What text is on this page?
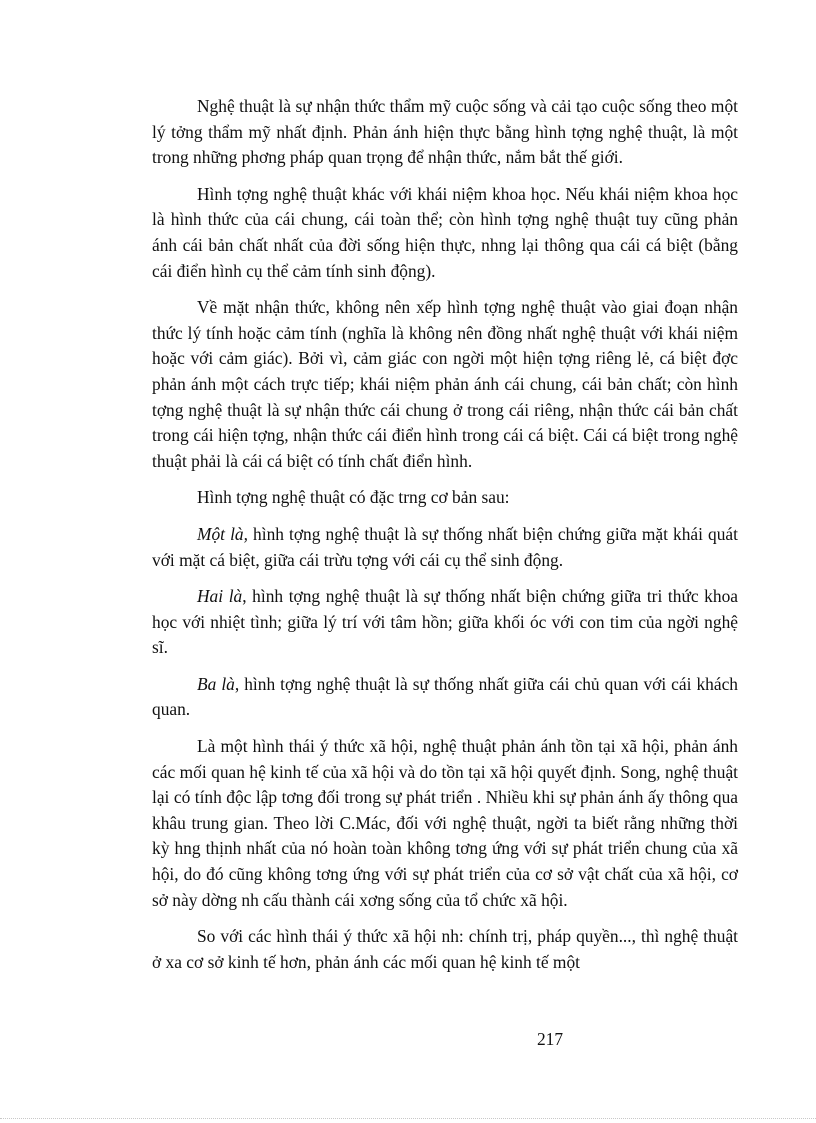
Nghệ thuật là sự nhận thức thẩm mỹ cuộc sống và cải tạo cuộc sống theo một lý tởng thẩm mỹ nhất định. Phản ánh hiện thực bằng hình tợng nghệ thuật, là một trong những phơng pháp quan trọng để nhận thức, nắm bắt thế giới.

Hình tợng nghệ thuật khác với khái niệm khoa học. Nếu khái niệm khoa học là hình thức của cái chung, cái toàn thể; còn hình tợng nghệ thuật tuy cũng phản ánh cái bản chất nhất của đời sống hiện thực, nhng lại thông qua cái cá biệt (bằng cái điển hình cụ thể cảm tính sinh động).

Về mặt nhận thức, không nên xếp hình tợng nghệ thuật vào giai đoạn nhận thức lý tính hoặc cảm tính (nghĩa là không nên đồng nhất nghệ thuật với khái niệm hoặc với cảm giác). Bởi vì, cảm giác con ngời một hiện tợng riêng lẻ, cá biệt đợc phản ánh một cách trực tiếp; khái niệm phản ánh cái chung, cái bản chất; còn hình tợng nghệ thuật là sự nhận thức cái chung ở trong cái riêng, nhận thức cái bản chất trong cái hiện tợng, nhận thức cái điển hình trong cái cá biệt. Cái cá biệt trong nghệ thuật phải là cái cá biệt có tính chất điển hình.

Hình tợng nghệ thuật có đặc trng cơ bản sau:

Một là, hình tợng nghệ thuật là sự thống nhất biện chứng giữa mặt khái quát với mặt cá biệt, giữa cái trừu tợng với cái cụ thể sinh động.

Hai là, hình tợng nghệ thuật là sự thống nhất biện chứng giữa tri thức khoa học với nhiệt tình; giữa lý trí với tâm hồn; giữa khối óc với con tim của ngời nghệ sĩ.

Ba là, hình tợng nghệ thuật là sự thống nhất giữa cái chủ quan với cái khách quan.

Là một hình thái ý thức xã hội, nghệ thuật phản ánh tồn tại xã hội, phản ánh các mối quan hệ kinh tế của xã hội và do tồn tại xã hội quyết định. Song, nghệ thuật lại có tính độc lập tơng đối trong sự phát triển . Nhiều khi sự phản ánh ấy thông qua khâu trung gian. Theo lời C.Mác, đối với nghệ thuật, ngời ta biết rằng những thời kỳ hng thịnh nhất của nó hoàn toàn không tơng ứng với sự phát triển chung của xã hội, do đó cũng không tơng ứng với sự phát triển của cơ sở vật chất của xã hội, cơ sở này dờng nh cấu thành cái xơng sống của tổ chức xã hội.

So với các hình thái ý thức xã hội nh: chính trị, pháp quyền..., thì nghệ thuật ở xa cơ sở kinh tế hơn, phản ánh các mối quan hệ kinh tế một

217
